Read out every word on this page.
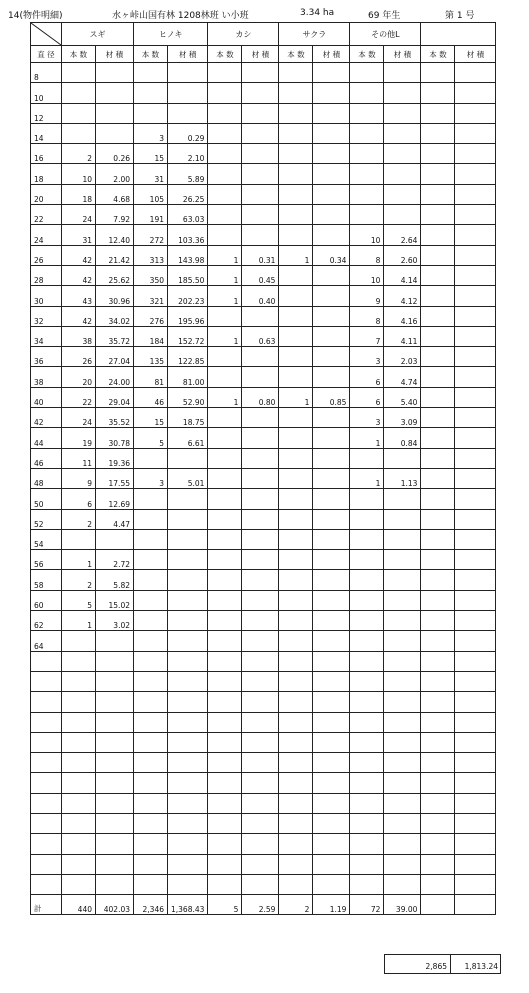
14(物件明細)	水ヶ峠山国有林 1208林班 い小班	3.34 ha	69 年生	第 1 号
	スギ		ヒノキ		カシ		サクラ		その他L			
直 径	本 数	材 積	本 数	材 積	本 数	材 積	本 数	材 積	本 数	材 積	本 数	材 積
8												
10												
12												
14			3	0.29								
16	2	0.26	15	2.10								
18	10	2.00	31	5.89								
20	18	4.68	105	26.25								
22	24	7.92	191	63.03								
24	31	12.40	272	103.36					10	2.64		
26	42	21.42	313	143.98	1	0.31	1	0.34	8	2.60		
28	42	25.62	350	185.50	1	0.45			10	4.14		
30	43	30.96	321	202.23	1	0.40			9	4.12		
32	42	34.02	276	195.96					8	4.16		
34	38	35.72	184	152.72	1	0.63			7	4.11		
36	26	27.04	135	122.85					3	2.03		
38	20	24.00	81	81.00					6	4.74		
40	22	29.04	46	52.90	1	0.80	1	0.85	6	5.40		
42	24	35.52	15	18.75					3	3.09		
44	19	30.78	5	6.61					1	0.84		
46	11	19.36										
48	9	17.55	3	5.01					1	1.13		
50	6	12.69										
52	2	4.47										
54												
56	1	2.72										
58	2	5.82										
60	5	15.02										
62	1	3.02										
64												

計	440	402.03	2,346	1,368.43	5	2.59	2	1.19	72	39.00		
2,865	1,813.24
